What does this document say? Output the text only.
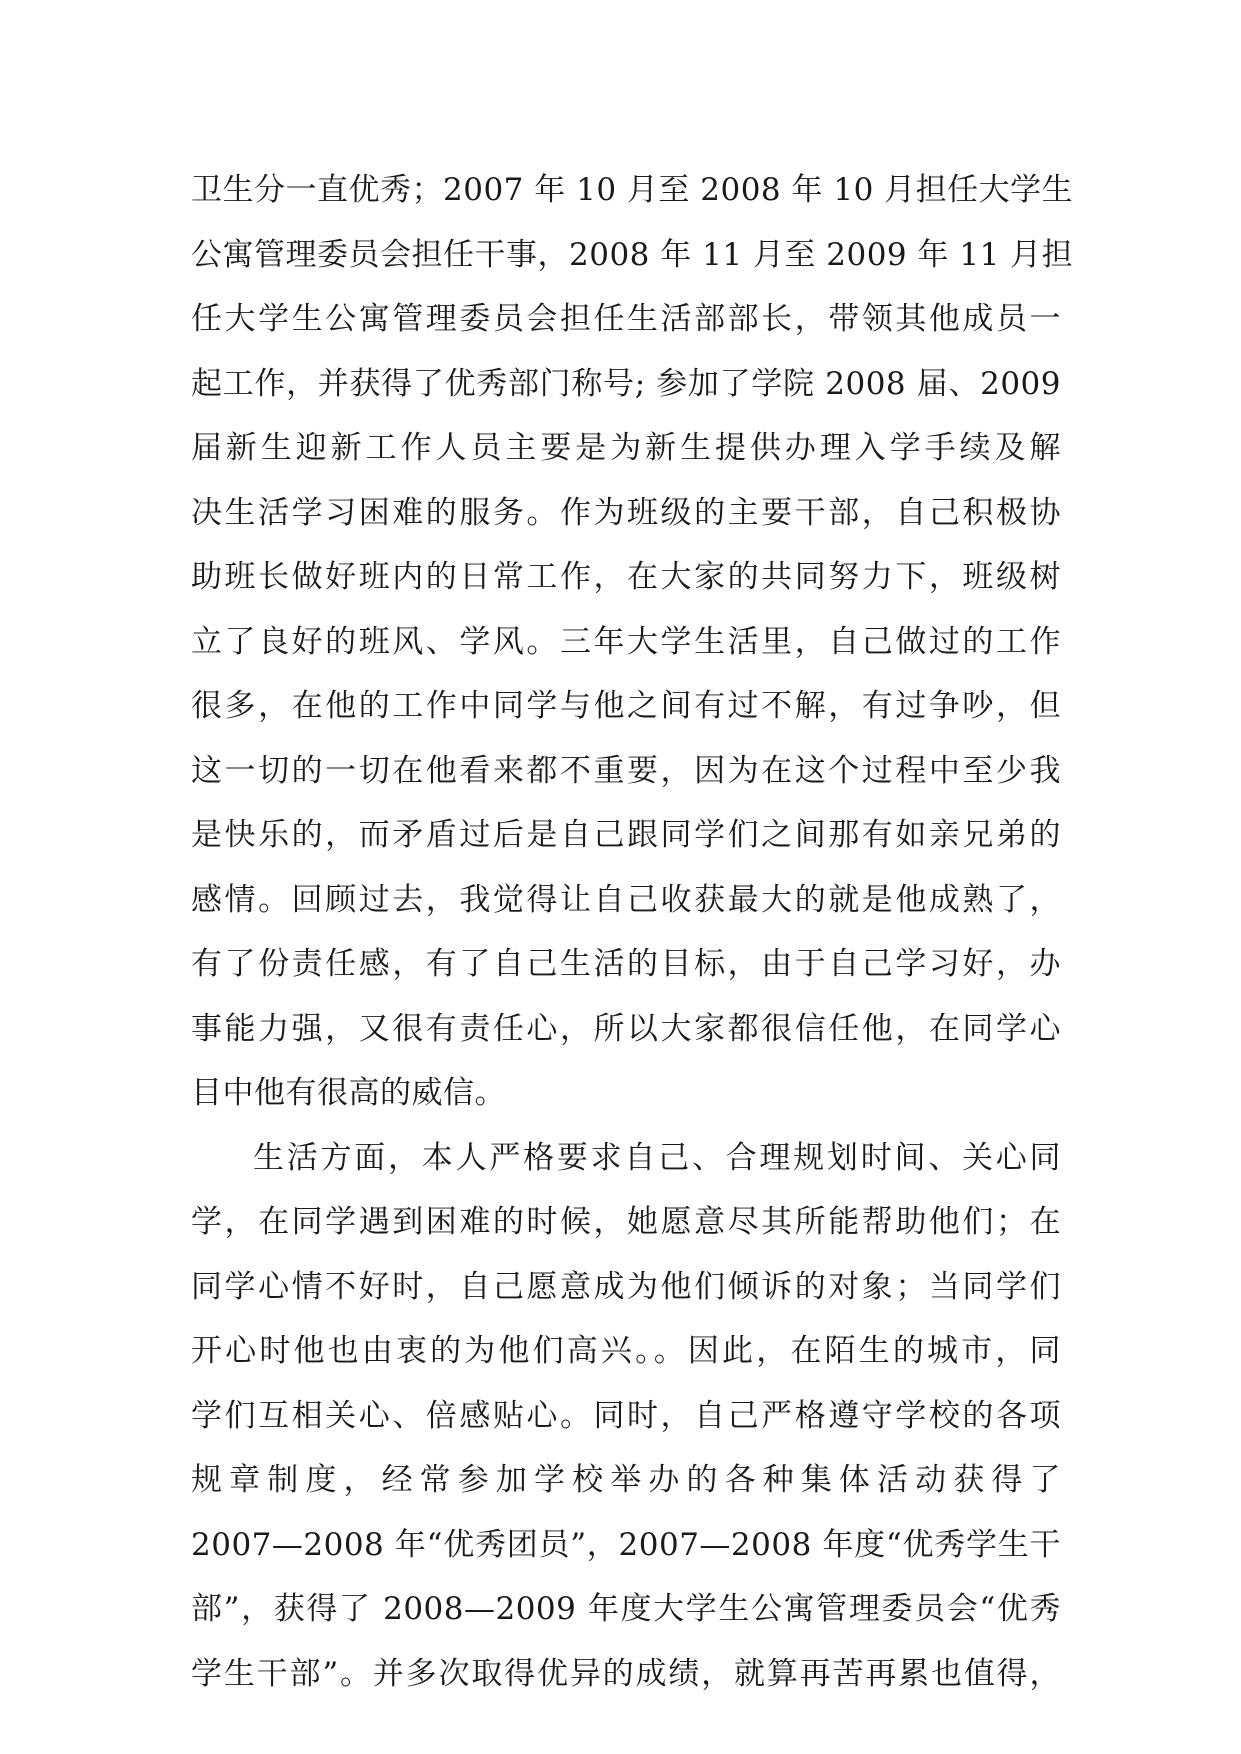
卫生分一直优秀；2007 年 10 月至 2008 年 10 月担任大学生
公寓管理委员会担任干事，2008 年 11 月至 2009 年 11 月担
任大学生公寓管理委员会担任生活部部长，带领其他成员一
起工作，并获得了优秀部门称号; 参加了学院 2008 届、2009
届新生迎新工作人员主要是为新生提供办理入学手续及解
决生活学习困难的服务。作为班级的主要干部，自己积极协
助班长做好班内的日常工作，在大家的共同努力下，班级树
立了良好的班风、学风。三年大学生活里，自己做过的工作
很多，在他的工作中同学与他之间有过不解，有过争吵，但
这一切的一切在他看来都不重要，因为在这个过程中至少我
是快乐的，而矛盾过后是自己跟同学们之间那有如亲兄弟的
感情。回顾过去，我觉得让自己收获最大的就是他成熟了，
有了份责任感，有了自己生活的目标，由于自己学习好，办
事能力强，又很有责任心，所以大家都很信任他，在同学心
目中他有很高的威信。
生活方面，本人严格要求自己、合理规划时间、关心同
学，在同学遇到困难的时候，她愿意尽其所能帮助他们；在
同学心情不好时，自己愿意成为他们倾诉的对象；当同学们
开心时他也由衷的为他们高兴。。因此，在陌生的城市，同
学们互相关心、倍感贴心。同时，自己严格遵守学校的各项
规章制度，经常参加学校举办的各种集体活动获得了
2007—2008 年“优秀团员”，2007—2008 年度“优秀学生干
部”，获得了 2008—2009 年度大学生公寓管理委员会“优秀
学生干部”。并多次取得优异的成绩，就算再苦再累也值得，
